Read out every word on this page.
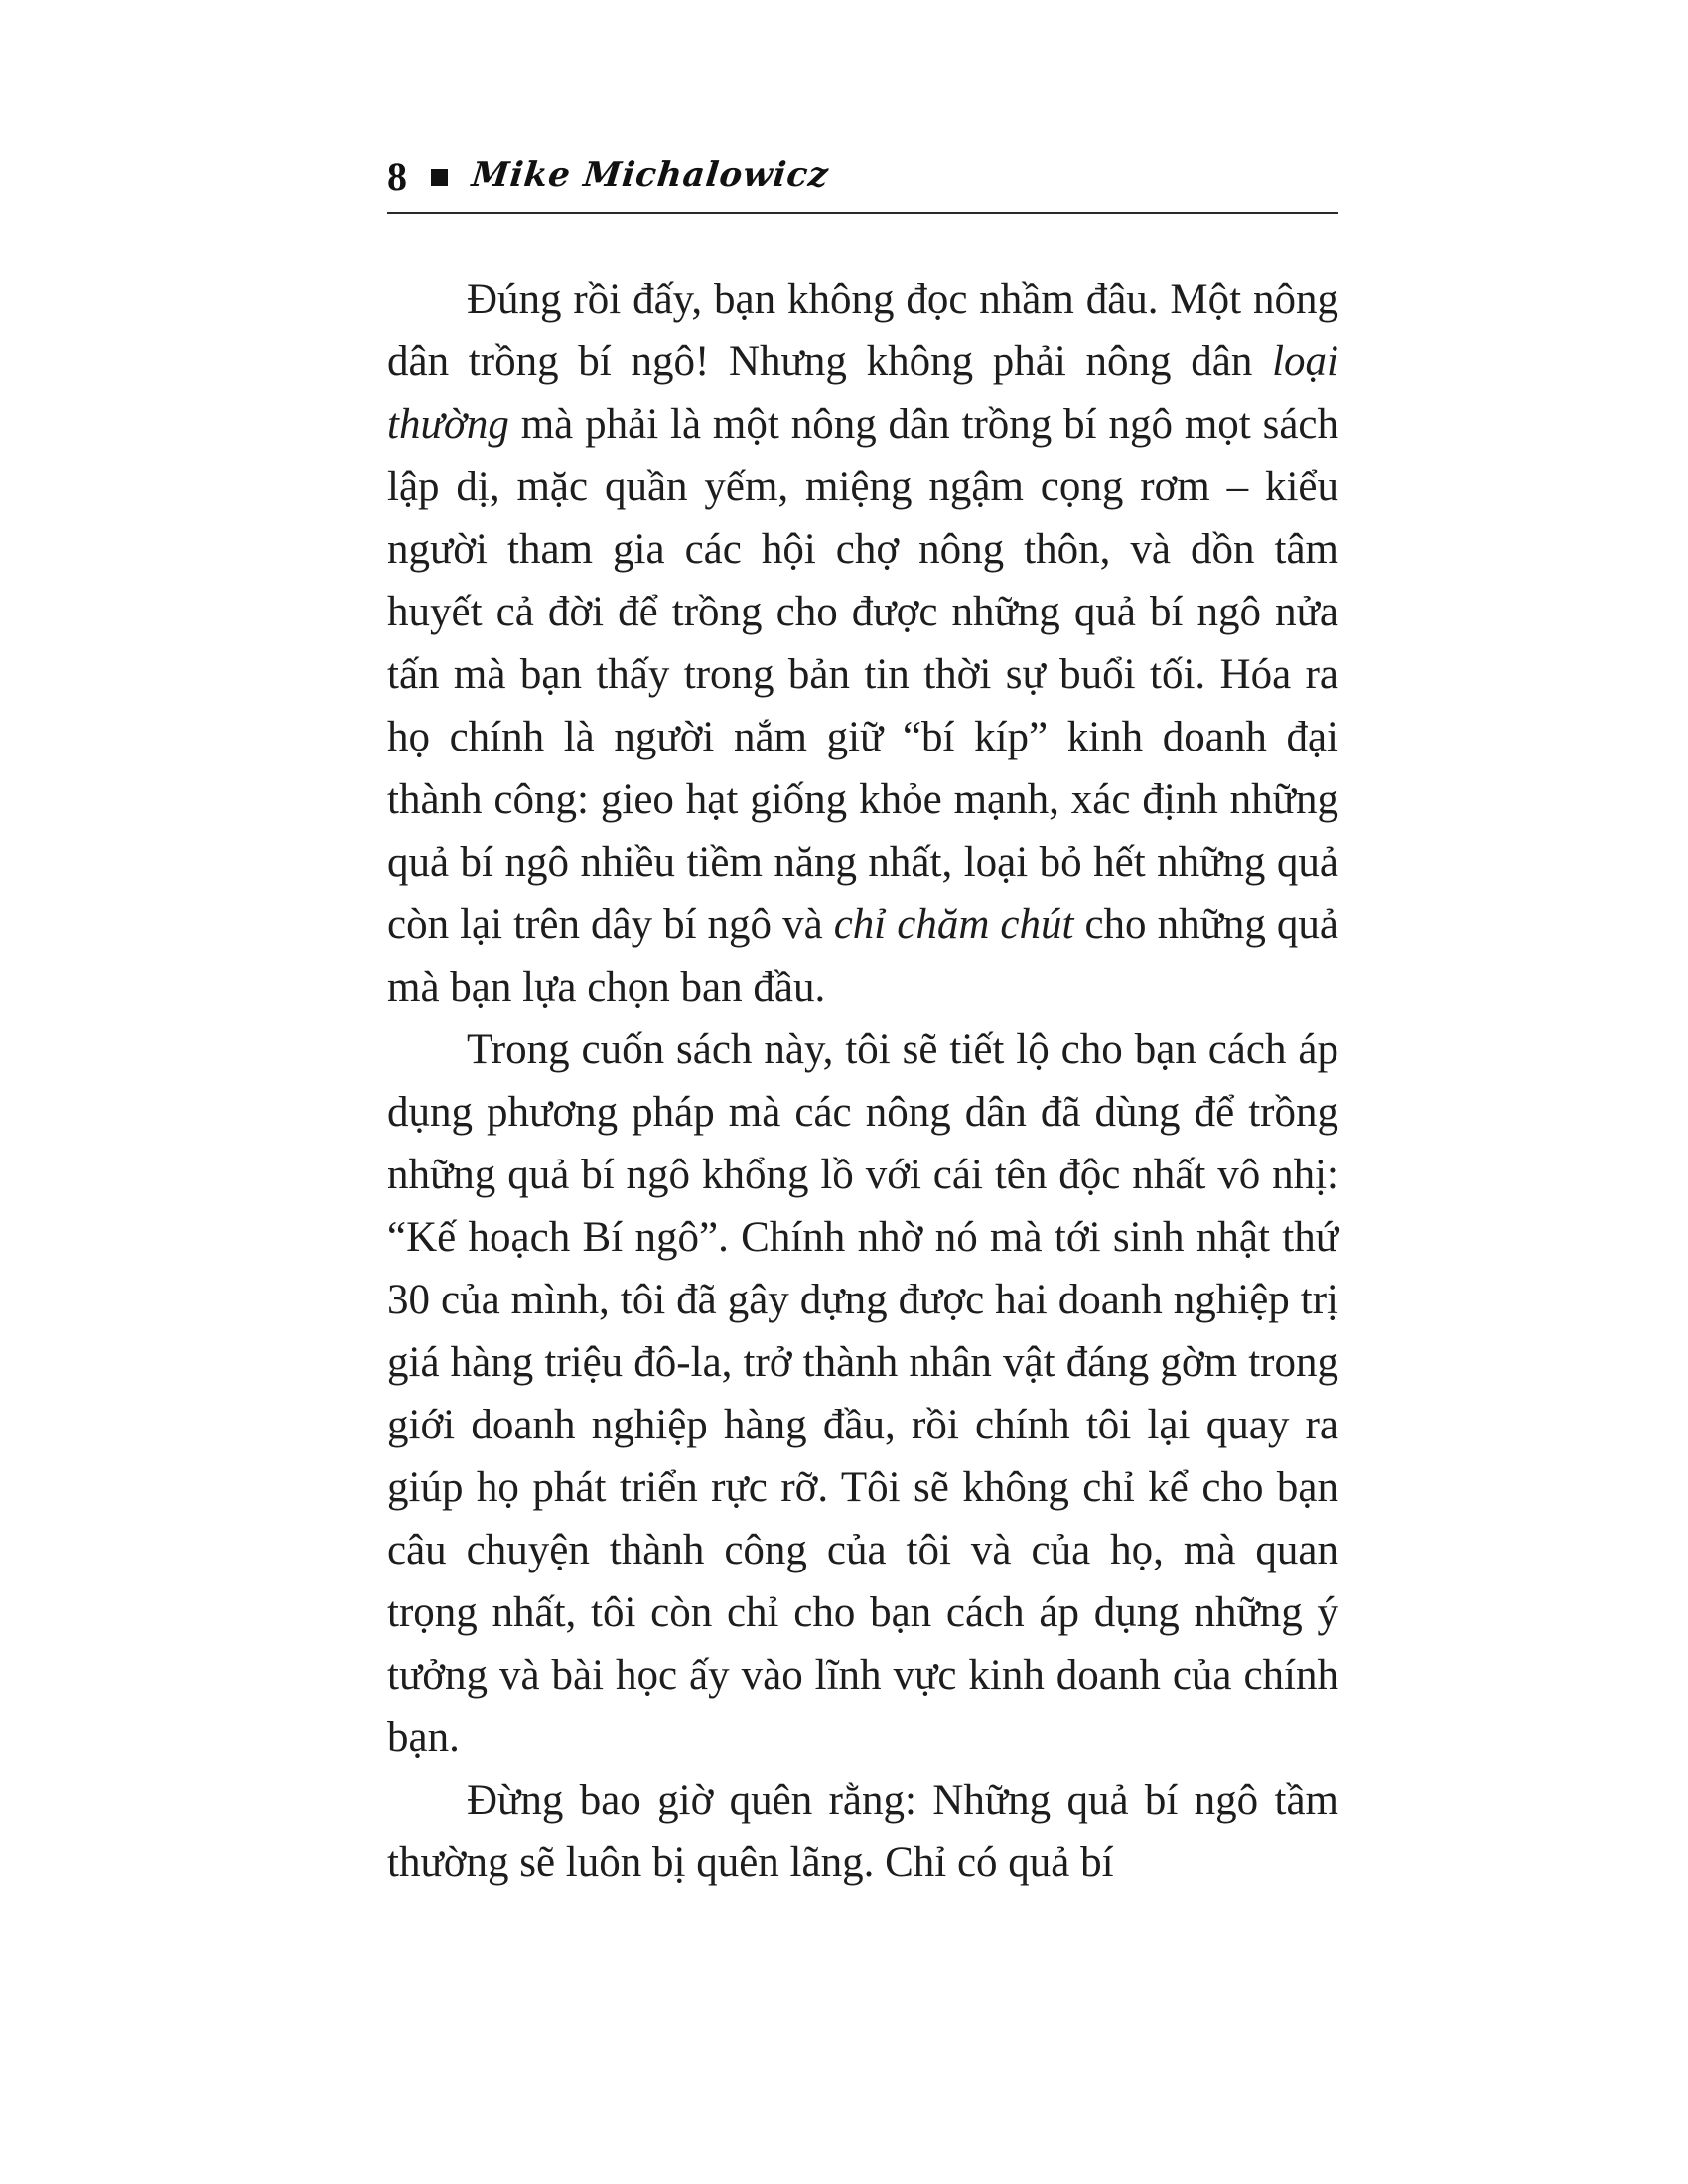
8 Mike Michalowicz

Đúng rồi đấy, bạn không đọc nhầm đâu. Một nông dân trồng bí ngô! Nhưng không phải nông dân loại thường mà phải là một nông dân trồng bí ngô mọt sách lập dị, mặc quần yếm, miệng ngậm cọng rơm – kiểu người tham gia các hội chợ nông thôn, và dồn tâm huyết cả đời để trồng cho được những quả bí ngô nửa tấn mà bạn thấy trong bản tin thời sự buổi tối. Hóa ra họ chính là người nắm giữ “bí kíp” kinh doanh đại thành công: gieo hạt giống khỏe mạnh, xác định những quả bí ngô nhiều tiềm năng nhất, loại bỏ hết những quả còn lại trên dây bí ngô và chỉ chăm chút cho những quả mà bạn lựa chọn ban đầu.

Trong cuốn sách này, tôi sẽ tiết lộ cho bạn cách áp dụng phương pháp mà các nông dân đã dùng để trồng những quả bí ngô khổng lồ với cái tên độc nhất vô nhị: “Kế hoạch Bí ngô”. Chính nhờ nó mà tới sinh nhật thứ 30 của mình, tôi đã gây dựng được hai doanh nghiệp trị giá hàng triệu đô-la, trở thành nhân vật đáng gờm trong giới doanh nghiệp hàng đầu, rồi chính tôi lại quay ra giúp họ phát triển rực rỡ. Tôi sẽ không chỉ kể cho bạn câu chuyện thành công của tôi và của họ, mà quan trọng nhất, tôi còn chỉ cho bạn cách áp dụng những ý tưởng và bài học ấy vào lĩnh vực kinh doanh của chính bạn.

Đừng bao giờ quên rằng: Những quả bí ngô tầm thường sẽ luôn bị quên lãng. Chỉ có quả bí
